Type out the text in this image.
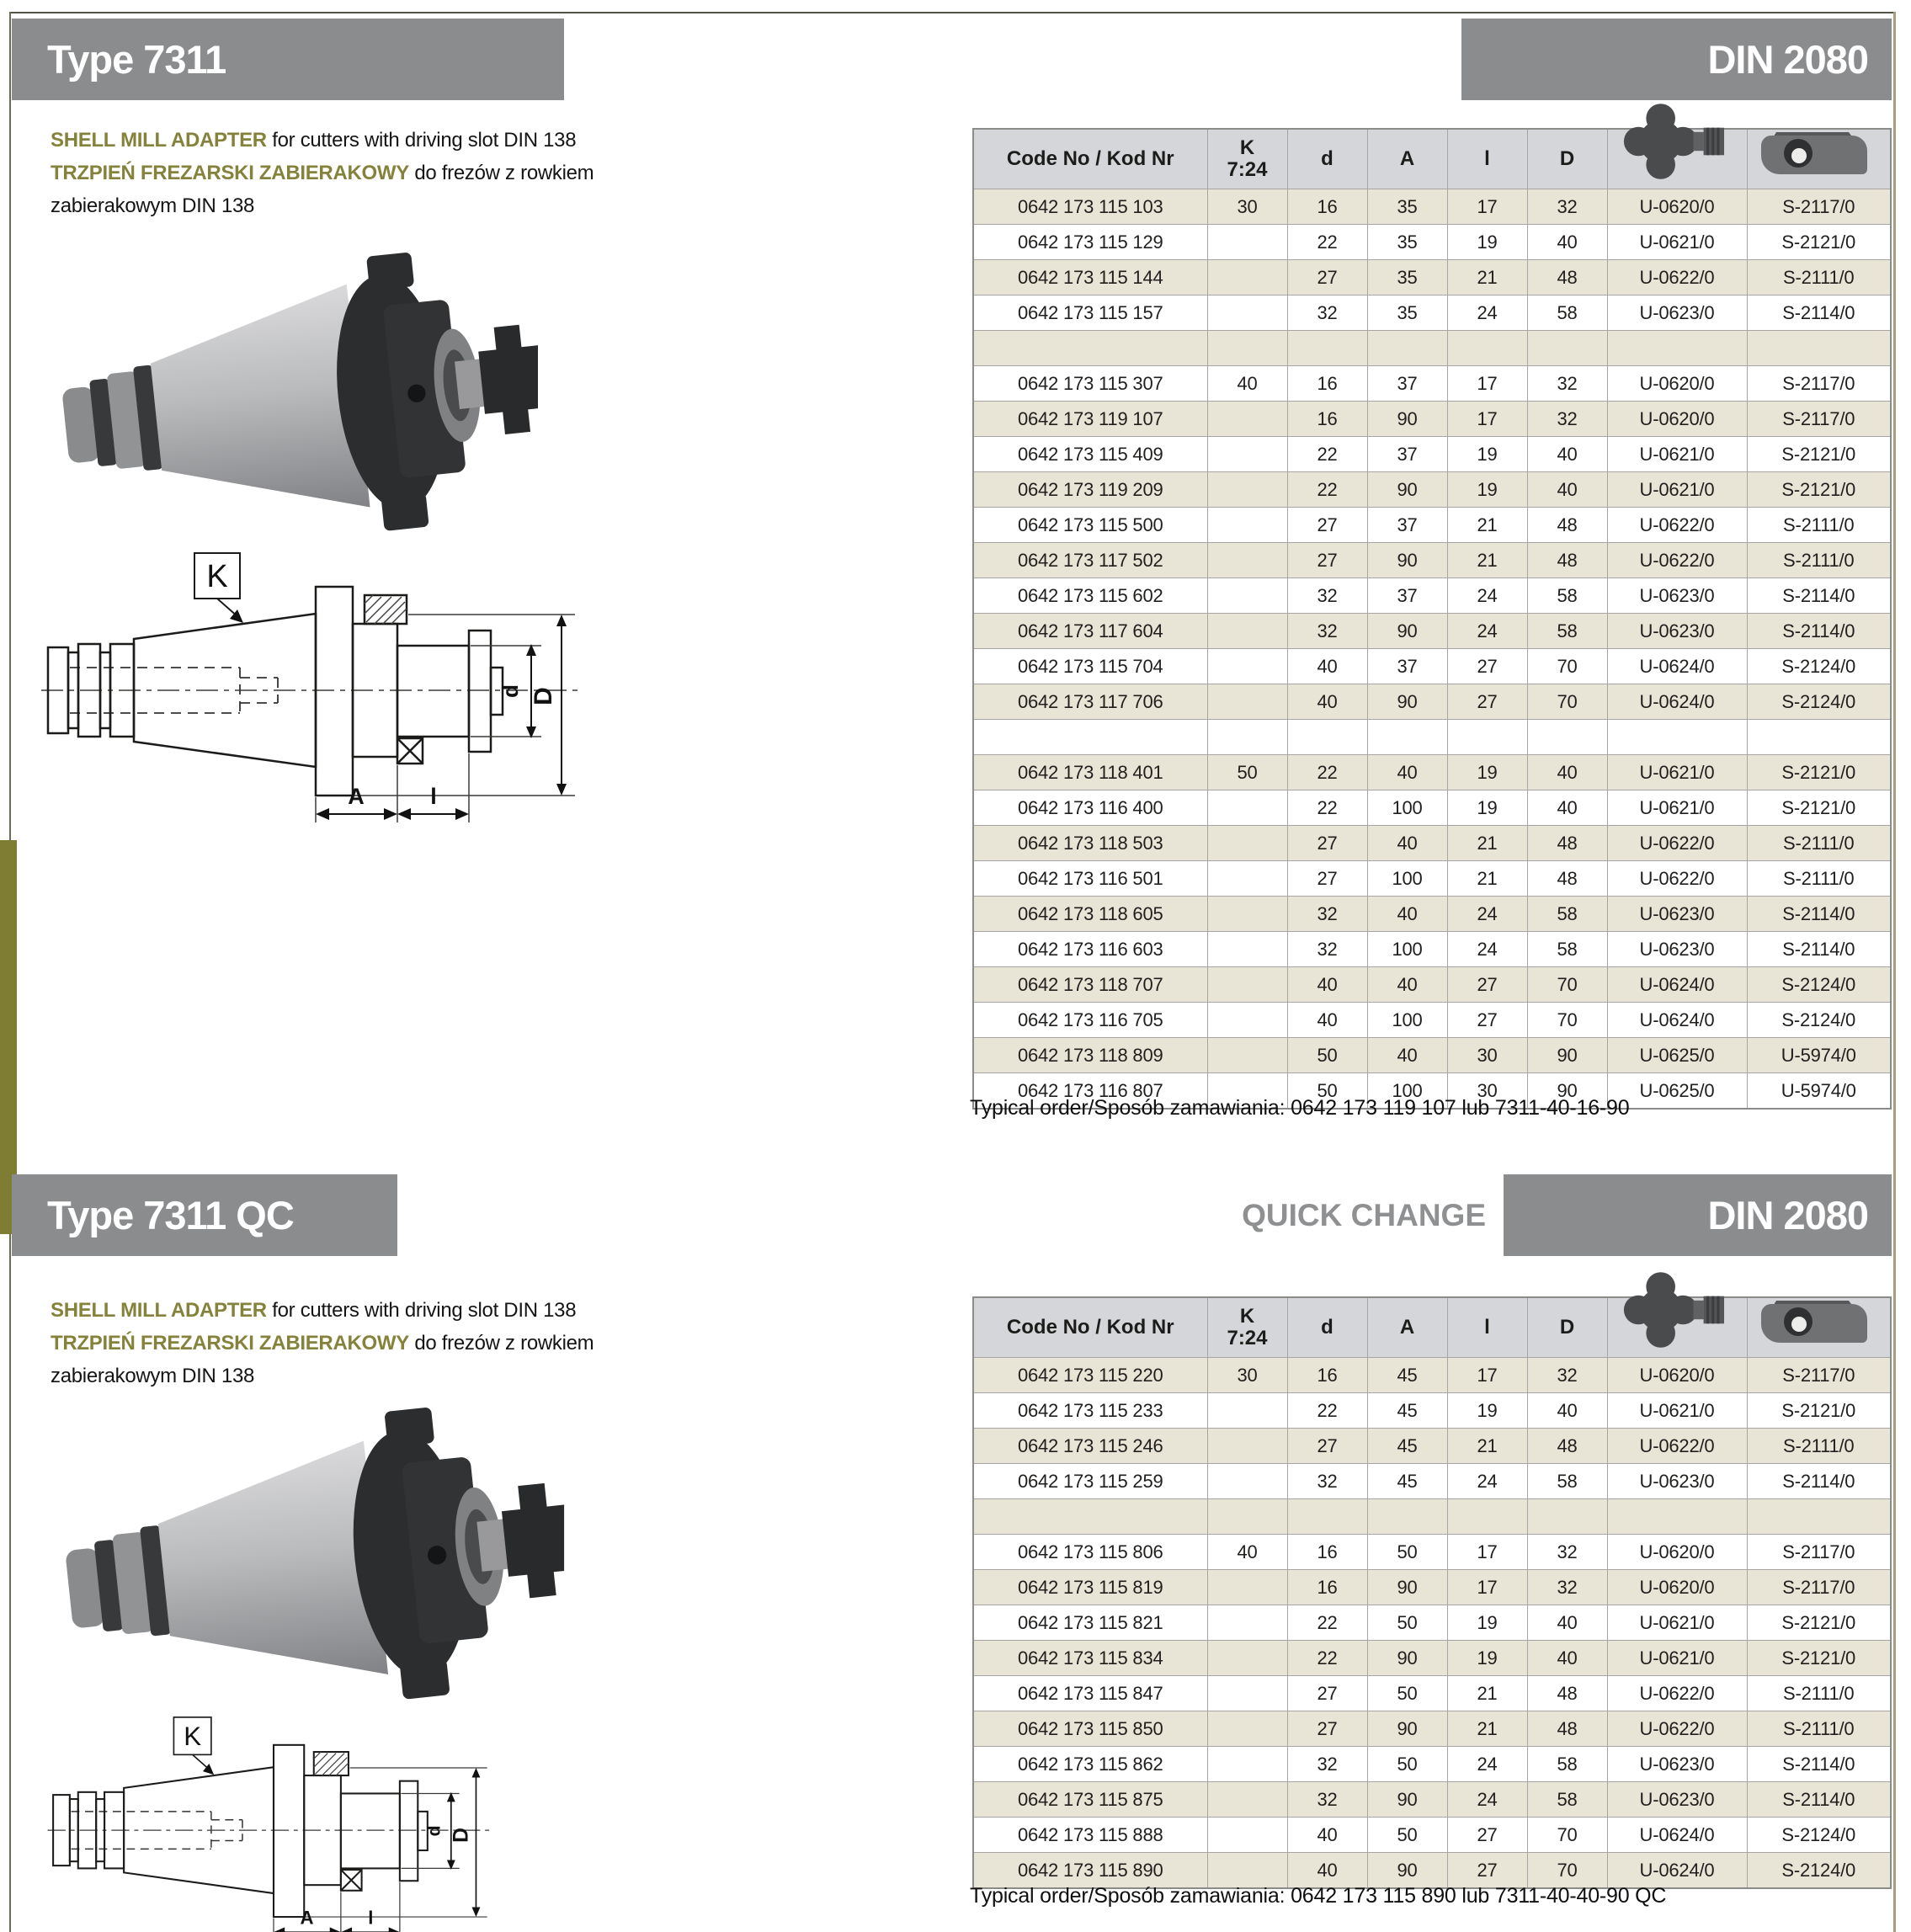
Type 7311	DIN 2080
SHELL MILL ADAPTER for cutters with driving slot DIN 138
TRZPIEŃ FREZARSKI ZABIERAKOWY do frezów z rowkiem zabierakowym DIN 138
K
d D
A	l
Code No / Kod Nr	K
7:24	d	A	l	D		

0642 173 115 103	30	16	35	17	32	U-0620/0	S-2117/0
0642 173 115 129		22	35	19	40	U-0621/0	S-2121/0
0642 173 115 144		27	35	21	48	U-0622/0	S-2111/0
0642 173 115 157		32	35	24	58	U-0623/0	S-2114/0

0642 173 115 307	40	16	37	17	32	U-0620/0	S-2117/0
0642 173 119 107		16	90	17	32	U-0620/0	S-2117/0
0642 173 115 409		22	37	19	40	U-0621/0	S-2121/0
0642 173 119 209		22	90	19	40	U-0621/0	S-2121/0
0642 173 115 500		27	37	21	48	U-0622/0	S-2111/0
0642 173 117 502		27	90	21	48	U-0622/0	S-2111/0
0642 173 115 602		32	37	24	58	U-0623/0	S-2114/0
0642 173 117 604		32	90	24	58	U-0623/0	S-2114/0
0642 173 115 704		40	37	27	70	U-0624/0	S-2124/0
0642 173 117 706		40	90	27	70	U-0624/0	S-2124/0

0642 173 118 401	50	22	40	19	40	U-0621/0	S-2121/0
0642 173 116 400		22	100	19	40	U-0621/0	S-2121/0
0642 173 118 503		27	40	21	48	U-0622/0	S-2111/0
0642 173 116 501		27	100	21	48	U-0622/0	S-2111/0
0642 173 118 605		32	40	24	58	U-0623/0	S-2114/0
0642 173 116 603		32	100	24	58	U-0623/0	S-2114/0
0642 173 118 707		40	40	27	70	U-0624/0	S-2124/0
0642 173 116 705		40	100	27	70	U-0624/0	S-2124/0
0642 173 118 809		50	40	30	90	U-0625/0	U-5974/0
0642 173 116 807		50	100	30	90	U-0625/0	U-5974/0
Typical order/Sposób zamawiania: 0642 173 119 107 lub 7311-40-16-90
Type 7311 QC	QUICK CHANGE	DIN 2080
SHELL MILL ADAPTER for cutters with driving slot DIN 138
TRZPIEŃ FREZARSKI ZABIERAKOWY do frezów z rowkiem zabierakowym DIN 138
K
d D
A l
Code No / Kod Nr	K
7:24	d	A	l	D		

0642 173 115 220	30	16	45	17	32	U-0620/0	S-2117/0
0642 173 115 233		22	45	19	40	U-0621/0	S-2121/0
0642 173 115 246		27	45	21	48	U-0622/0	S-2111/0
0642 173 115 259		32	45	24	58	U-0623/0	S-2114/0

0642 173 115 806	40	16	50	17	32	U-0620/0	S-2117/0
0642 173 115 819		16	90	17	32	U-0620/0	S-2117/0
0642 173 115 821		22	50	19	40	U-0621/0	S-2121/0
0642 173 115 834		22	90	19	40	U-0621/0	S-2121/0
0642 173 115 847		27	50	21	48	U-0622/0	S-2111/0
0642 173 115 850		27	90	21	48	U-0622/0	S-2111/0
0642 173 115 862		32	50	24	58	U-0623/0	S-2114/0
0642 173 115 875		32	90	24	58	U-0623/0	S-2114/0
0642 173 115 888		40	50	27	70	U-0624/0	S-2124/0
0642 173 115 890		40	90	27	70	U-0624/0	S-2124/0
Typical order/Sposób zamawiania: 0642 173 115 890 lub 7311-40-40-90 QC
